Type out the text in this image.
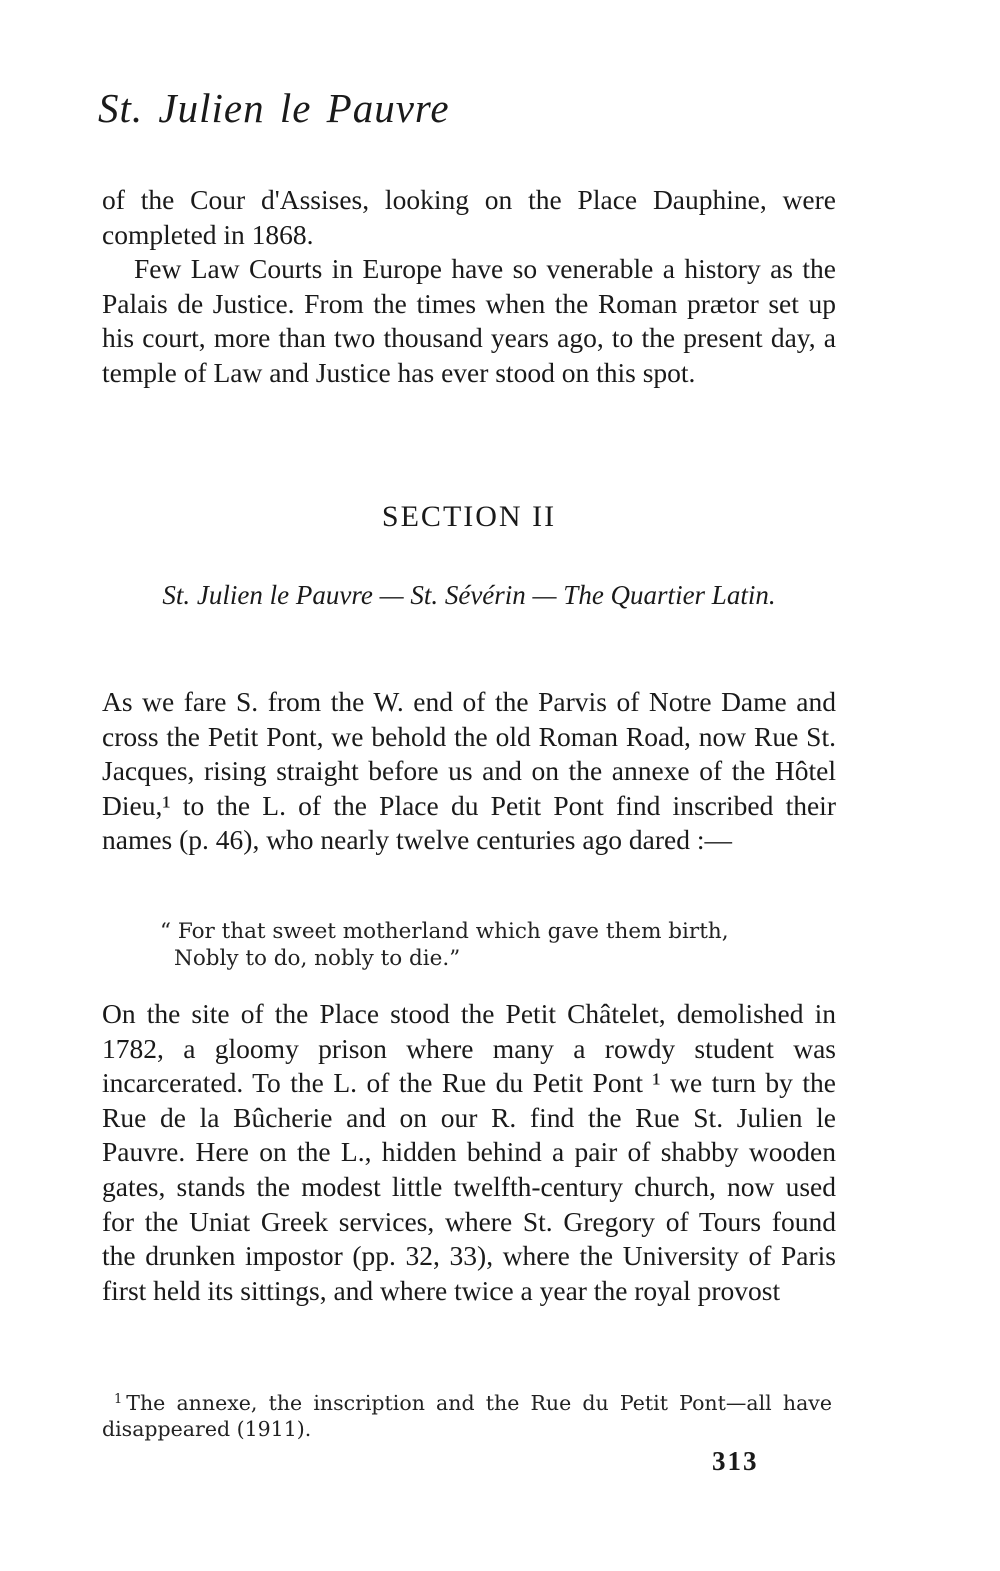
St. Julien le Pauvre
of the Cour d'Assises, looking on the Place Dauphine, were completed in 1868.
Few Law Courts in Europe have so venerable a history as the Palais de Justice. From the times when the Roman prætor set up his court, more than two thousand years ago, to the present day, a temple of Law and Justice has ever stood on this spot.
SECTION II
St. Julien le Pauvre — St. Sévérin — The Quartier Latin.
As we fare S. from the W. end of the Parvis of Notre Dame and cross the Petit Pont, we behold the old Roman Road, now Rue St. Jacques, rising straight before us and on the annexe of the Hôtel Dieu,¹ to the L. of the Place du Petit Pont find inscribed their names (p. 46), who nearly twelve centuries ago dared :—
“ For that sweet motherland which gave them birth,
Nobly to do, nobly to die.”
On the site of the Place stood the Petit Châtelet, demolished in 1782, a gloomy prison where many a rowdy student was incarcerated. To the L. of the Rue du Petit Pont ¹ we turn by the Rue de la Bûcherie and on our R. find the Rue St. Julien le Pauvre. Here on the L., hidden behind a pair of shabby wooden gates, stands the modest little twelfth-century church, now used for the Uniat Greek services, where St. Gregory of Tours found the drunken impostor (pp. 32, 33), where the University of Paris first held its sittings, and where twice a year the royal provost
$^1$ The annexe, the inscription and the Rue du Petit Pont—all have disappeared (1911).
313
